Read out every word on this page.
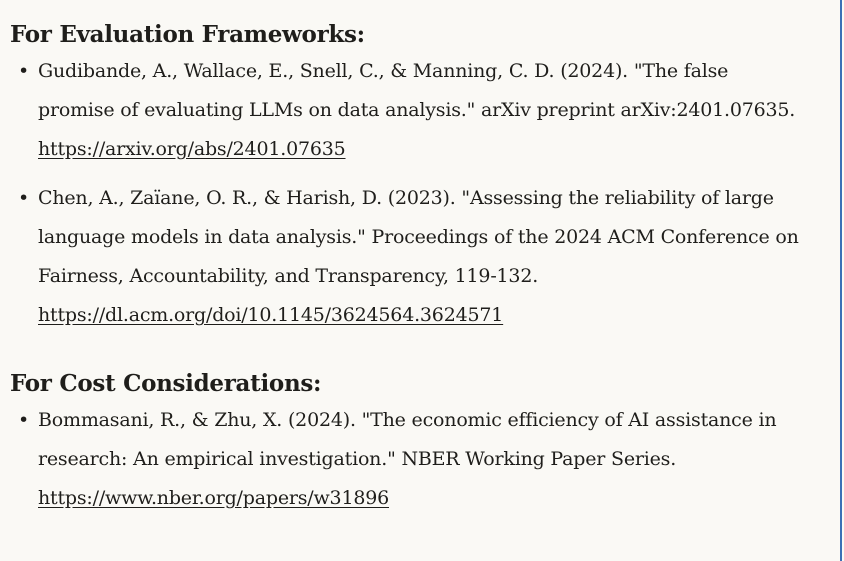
For Evaluation Frameworks:
• Gudibande, A., Wallace, E., Snell, C., & Manning, C. D. (2024). "The false promise of evaluating LLMs on data analysis." arXiv preprint arXiv:2401.07635. https://arxiv.org/abs/2401.07635
• Chen, A., Zaïane, O. R., & Harish, D. (2023). "Assessing the reliability of large language models in data analysis." Proceedings of the 2024 ACM Conference on Fairness, Accountability, and Transparency, 119-132. https://dl.acm.org/doi/10.1145/3624564.3624571
For Cost Considerations:
• Bommasani, R., & Zhu, X. (2024). "The economic efficiency of AI assistance in research: An empirical investigation." NBER Working Paper Series. https://www.nber.org/papers/w31896
